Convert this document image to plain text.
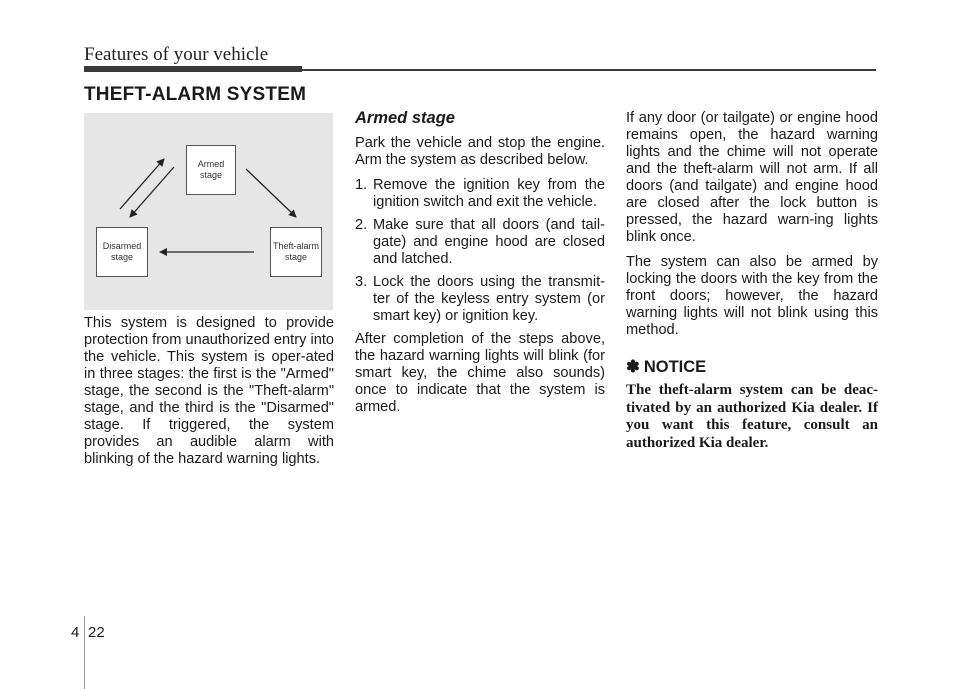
Features of your vehicle
THEFT-ALARM SYSTEM
Armed
stage
Disarmed
stage
Theft-alarm
stage

This system is designed to provide protection from unauthorized entry into the vehicle. This system is oper-ated in three stages: the first is the "Armed" stage, the second is the "Theft-alarm" stage, and the third is the "Disarmed" stage. If triggered, the system provides an audible alarm with blinking of the hazard warning lights.

Armed stage

Park the vehicle and stop the engine. Arm the system as described below.

1. Remove the ignition key from the ignition switch and exit the vehicle.
2. Make sure that all doors (and tail-gate) and engine hood are closed and latched.
3. Lock the doors using the transmit-ter of the keyless entry system (or smart key) or ignition key.

After completion of the steps above, the hazard warning lights will blink (for smart key, the chime also sounds) once to indicate that the system is armed.

If any door (or tailgate) or engine hood remains open, the hazard warning lights and the chime will not operate and the theft-alarm will not arm. If all doors (and tailgate) and engine hood are closed after the lock button is pressed, the hazard warn-ing lights blink once.

The system can also be armed by locking the doors with the key from the front doors; however, the hazard warning lights will not blink using this method.

✽ NOTICE

The theft-alarm system can be deac-tivated by an authorized Kia dealer. If you want this feature, consult an authorized Kia dealer.

4 22
